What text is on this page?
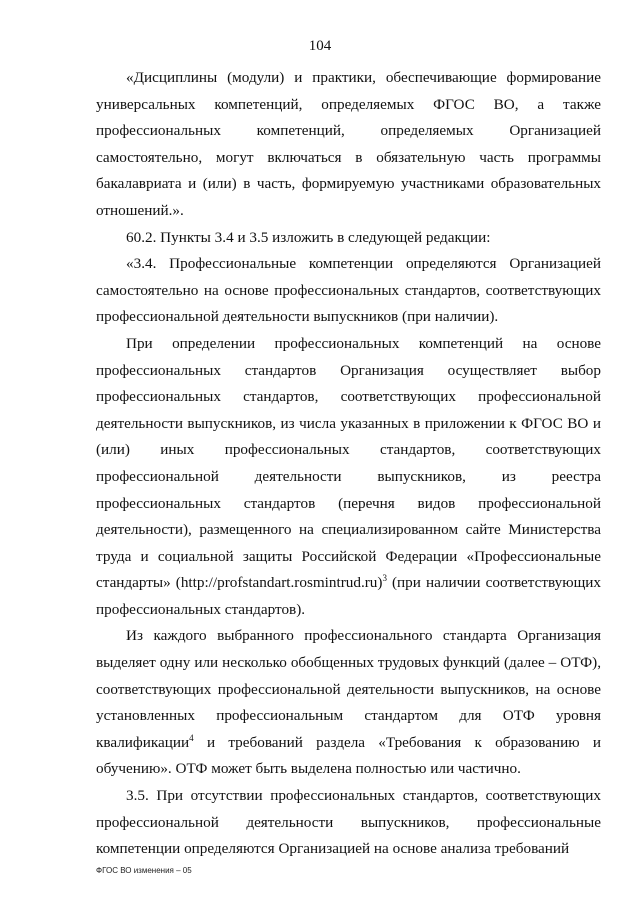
104

«Дисциплины (модули) и практики, обеспечивающие формирование универсальных компетенций, определяемых ФГОС ВО, а также профессиональных компетенций, определяемых Организацией самостоятельно, могут включаться в обязательную часть программы бакалавриата и (или) в часть, формируемую участниками образовательных отношений.».

60.2. Пункты 3.4 и 3.5 изложить в следующей редакции:

«3.4. Профессиональные компетенции определяются Организацией самостоятельно на основе профессиональных стандартов, соответствующих профессиональной деятельности выпускников (при наличии).

При определении профессиональных компетенций на основе профессиональных стандартов Организация осуществляет выбор профессиональных стандартов, соответствующих профессиональной деятельности выпускников, из числа указанных в приложении к ФГОС ВО и (или) иных профессиональных стандартов, соответствующих профессиональной деятельности выпускников, из реестра профессиональных стандартов (перечня видов профессиональной деятельности), размещенного на специализированном сайте Министерства труда и социальной защиты Российской Федерации «Профессиональные стандарты» (http://profstandart.rosmintrud.ru)$^3$ (при наличии соответствующих профессиональных стандартов).

Из каждого выбранного профессионального стандарта Организация выделяет одну или несколько обобщенных трудовых функций (далее – ОТФ), соответствующих профессиональной деятельности выпускников, на основе установленных профессиональным стандартом для ОТФ уровня квалификации$^4$ и требований раздела «Требования к образованию и обучению». ОТФ может быть выделена полностью или частично.

3.5. При отсутствии профессиональных стандартов, соответствующих профессиональной деятельности выпускников, профессиональные компетенции определяются Организацией на основе анализа требований

ФГОС ВО изменения – 05
